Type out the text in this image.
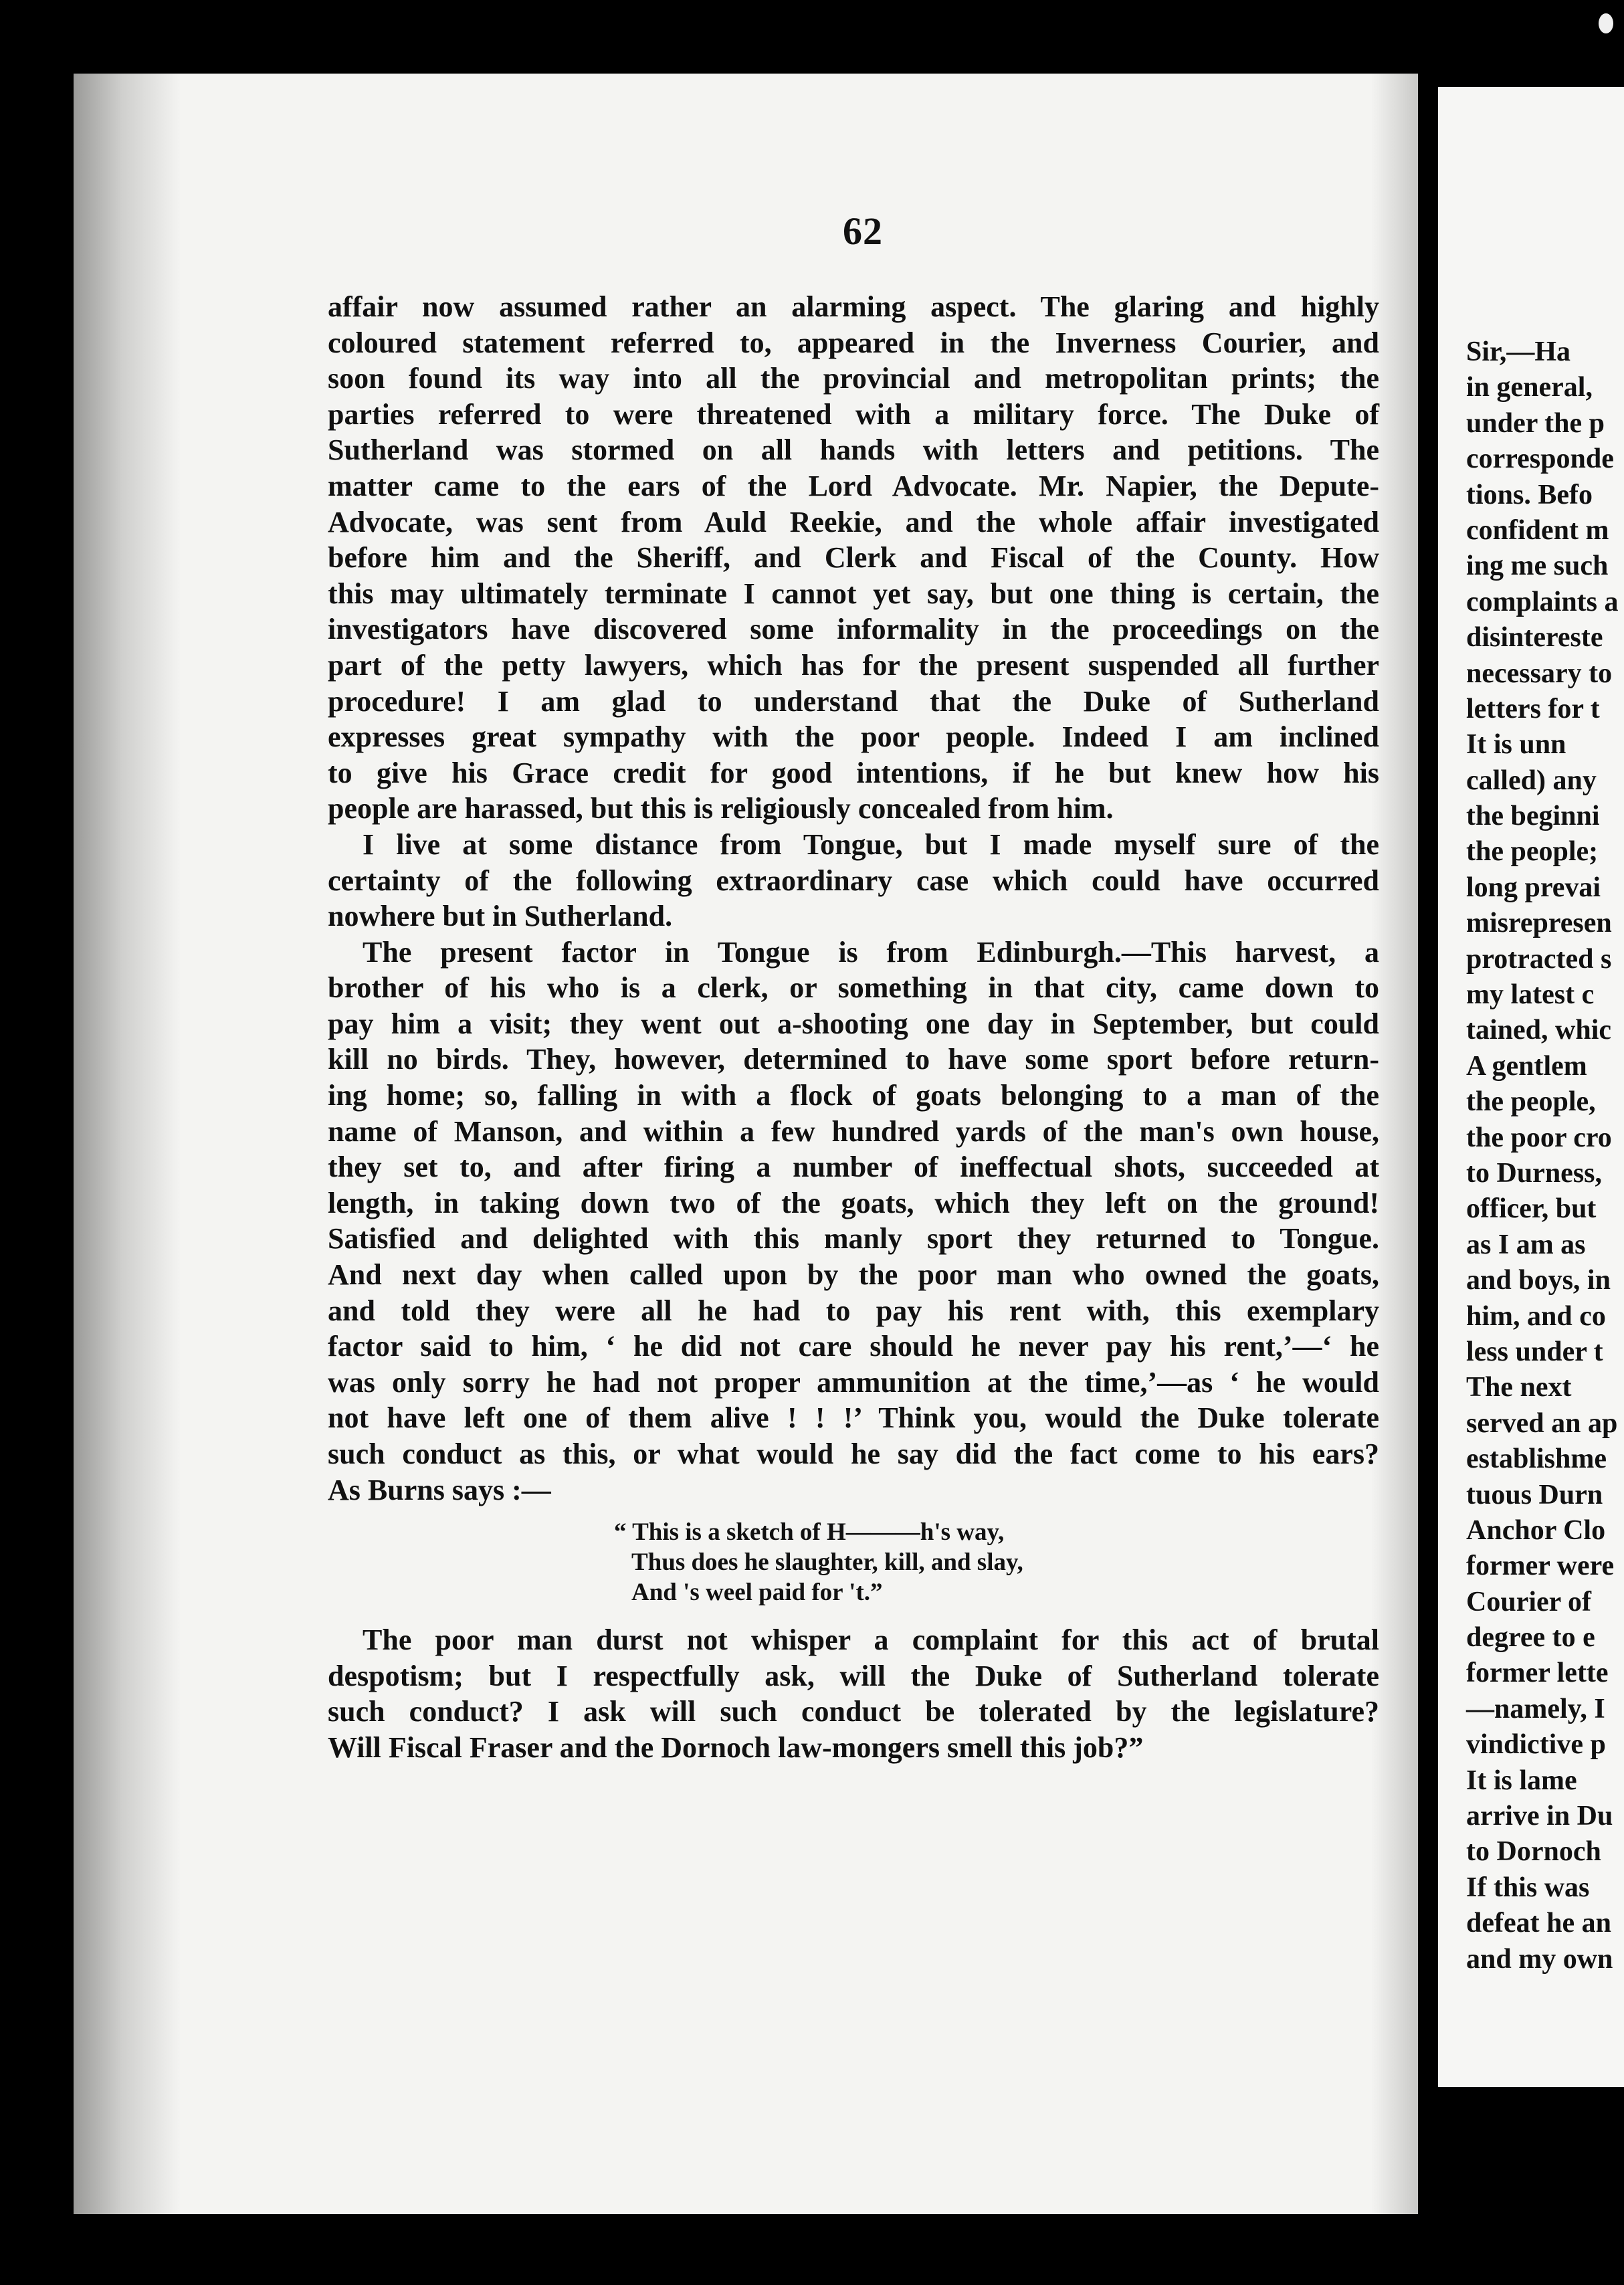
62
affair now assumed rather an alarming aspect. The glaring and highly
coloured statement referred to, appeared in the Inverness Courier, and
soon found its way into all the provincial and metropolitan prints; the
parties referred to were threatened with a military force. The Duke of
Sutherland was stormed on all hands with letters and petitions. The
matter came to the ears of the Lord Advocate. Mr. Napier, the Depute-
Advocate, was sent from Auld Reekie, and the whole affair investigated
before him and the Sheriff, and Clerk and Fiscal of the County. How
this may ultimately terminate I cannot yet say, but one thing is certain, the
investigators have discovered some informality in the proceedings on the
part of the petty lawyers, which has for the present suspended all further
procedure! I am glad to understand that the Duke of Sutherland
expresses great sympathy with the poor people. Indeed I am inclined
to give his Grace credit for good intentions, if he but knew how his
people are harassed, but this is religiously concealed from him.
I live at some distance from Tongue, but I made myself sure of the
certainty of the following extraordinary case which could have occurred
nowhere but in Sutherland.
The present factor in Tongue is from Edinburgh.—This harvest, a
brother of his who is a clerk, or something in that city, came down to
pay him a visit; they went out a-shooting one day in September, but could
kill no birds. They, however, determined to have some sport before return-
ing home; so, falling in with a flock of goats belonging to a man of the
name of Manson, and within a few hundred yards of the man's own house,
they set to, and after firing a number of ineffectual shots, succeeded at
length, in taking down two of the goats, which they left on the ground!
Satisfied and delighted with this manly sport they returned to Tongue.
And next day when called upon by the poor man who owned the goats,
and told they were all he had to pay his rent with, this exemplary
factor said to him, ‘ he did not care should he never pay his rent,’—‘ he
was only sorry he had not proper ammunition at the time,’—as ‘ he would
not have left one of them alive ! ! !’ Think you, would the Duke tolerate
such conduct as this, or what would he say did the fact come to his ears?
As Burns says :—
“ This is a sketch of H———h's way,
Thus does he slaughter, kill, and slay,
And 's weel paid for 't.”
The poor man durst not whisper a complaint for this act of brutal
despotism; but I respectfully ask, will the Duke of Sutherland tolerate
such conduct? I ask will such conduct be tolerated by the legislature?
Will Fiscal Fraser and the Dornoch law-mongers smell this job?”
Sir,—Ha
in general,
under the p
corresponde
tions. Befo
confident m
ing me such
complaints a
disintereste
necessary to
letters for t
It is unn
called) any
the beginni
the people;
long prevai
misrepresen
protracted s
my latest c
tained, whic
A gentlem
the people,
the poor cro
to Durness,
officer, but
as I am as
and boys, in
him, and co
less under t
The next
served an ap
establishme
tuous Durn
Anchor Clo
former were
Courier of
degree to e
former lette
—namely, I
vindictive p
It is lame
arrive in Du
to Dornoch
If this was
defeat he an
and my own
